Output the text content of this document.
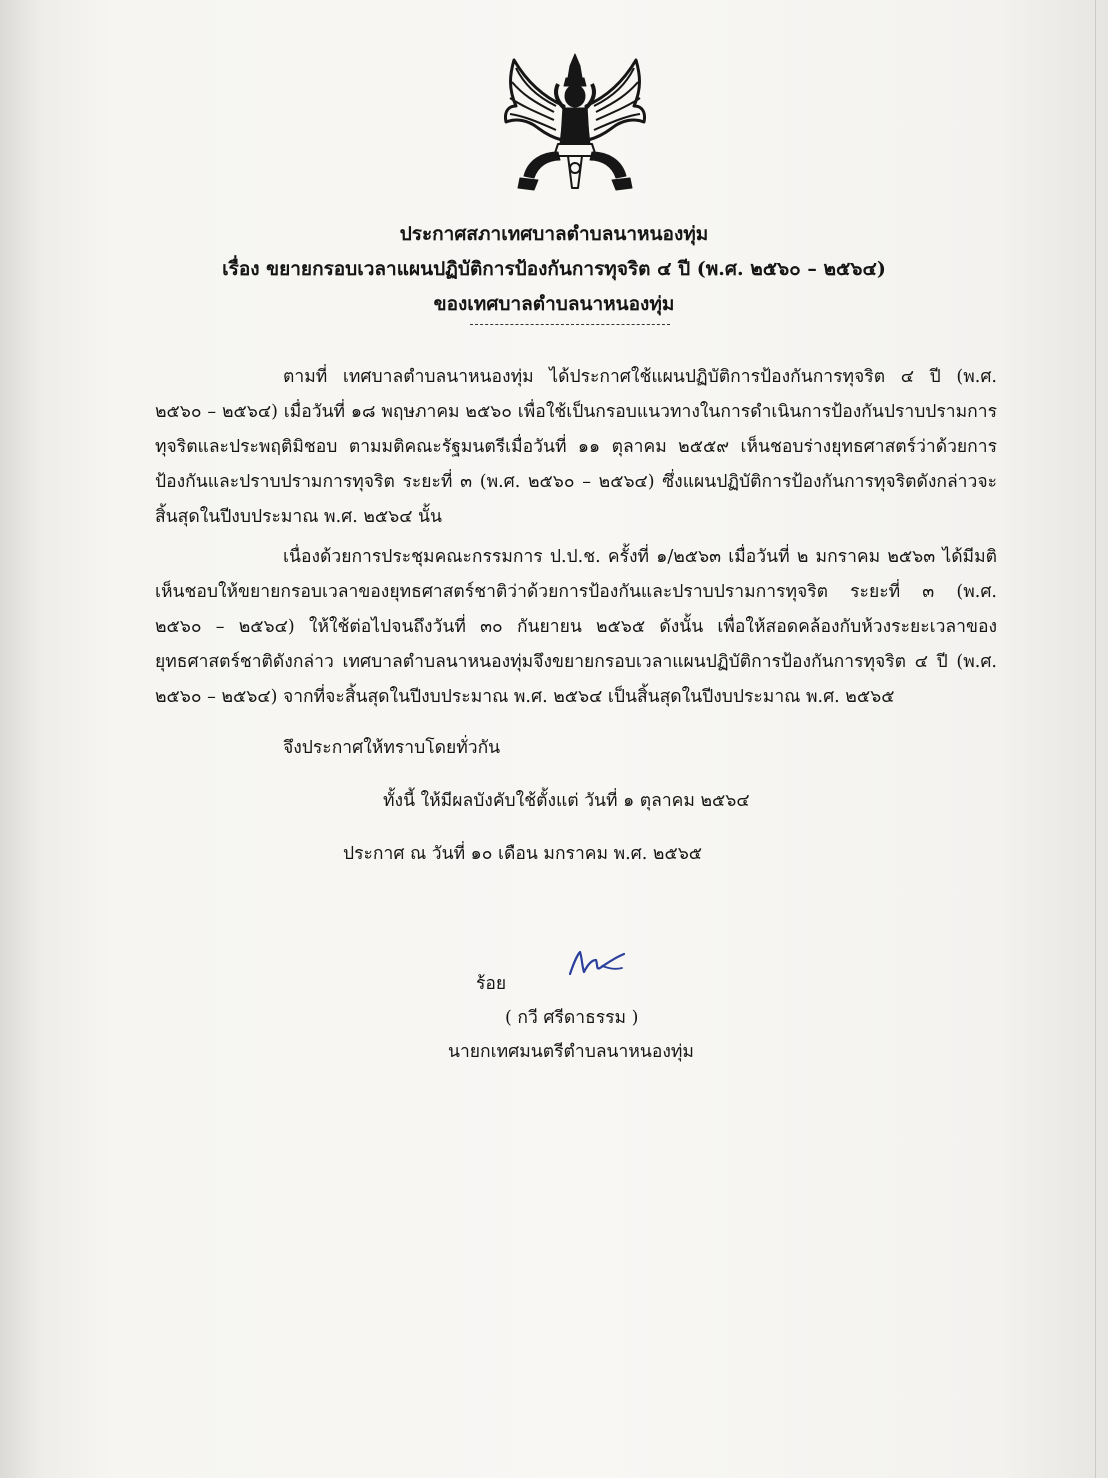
ประกาศสภาเทศบาลตำบลนาหนองทุ่ม
เรื่อง ขยายกรอบเวลาแผนปฏิบัติการป้องกันการทุจริต ๔ ปี (พ.ศ. ๒๕๖๐ – ๒๕๖๔)
ของเทศบาลตำบลนาหนองทุ่ม
ตามที่ เทศบาลตำบลนาหนองทุ่ม ได้ประกาศใช้แผนปฏิบัติการป้องกันการทุจริต ๔ ปี (พ.ศ. ๒๕๖๐ – ๒๕๖๔) เมื่อวันที่ ๑๘ พฤษภาคม ๒๕๖๐ เพื่อใช้เป็นกรอบแนวทางในการดำเนินการป้องกันปราบปรามการทุจริตและประพฤติมิชอบ ตามมติคณะรัฐมนตรีเมื่อวันที่ ๑๑ ตุลาคม ๒๕๕๙ เห็นชอบร่างยุทธศาสตร์ว่าด้วยการป้องกันและปราบปรามการทุจริต ระยะที่ ๓ (พ.ศ. ๒๕๖๐ – ๒๕๖๔) ซึ่งแผนปฏิบัติการป้องกันการทุจริตดังกล่าวจะสิ้นสุดในปีงบประมาณ พ.ศ. ๒๕๖๔ นั้น
เนื่องด้วยการประชุมคณะกรรมการ ป.ป.ช. ครั้งที่ ๑/๒๕๖๓ เมื่อวันที่ ๒ มกราคม ๒๕๖๓ ได้มีมติเห็นชอบให้ขยายกรอบเวลาของยุทธศาสตร์ชาติว่าด้วยการป้องกันและปราบปรามการทุจริต ระยะที่ ๓ (พ.ศ. ๒๕๖๐ – ๒๕๖๔) ให้ใช้ต่อไปจนถึงวันที่ ๓๐ กันยายน ๒๕๖๕ ดังนั้น เพื่อให้สอดคล้องกับห้วงระยะเวลาของยุทธศาสตร์ชาติดังกล่าว เทศบาลตำบลนาหนองทุ่มจึงขยายกรอบเวลาแผนปฏิบัติการป้องกันการทุจริต ๔ ปี (พ.ศ. ๒๕๖๐ – ๒๕๖๔) จากที่จะสิ้นสุดในปีงบประมาณ พ.ศ. ๒๕๖๔ เป็นสิ้นสุดในปีงบประมาณ พ.ศ. ๒๕๖๕
จึงประกาศให้ทราบโดยทั่วกัน
ทั้งนี้ ให้มีผลบังคับใช้ตั้งแต่ วันที่ ๑ ตุลาคม ๒๕๖๔
ประกาศ ณ วันที่ ๑๐ เดือน มกราคม พ.ศ. ๒๕๖๕
ร้อย
( กวี ศรีดาธรรม )
นายกเทศมนตรีตำบลนาหนองทุ่ม
